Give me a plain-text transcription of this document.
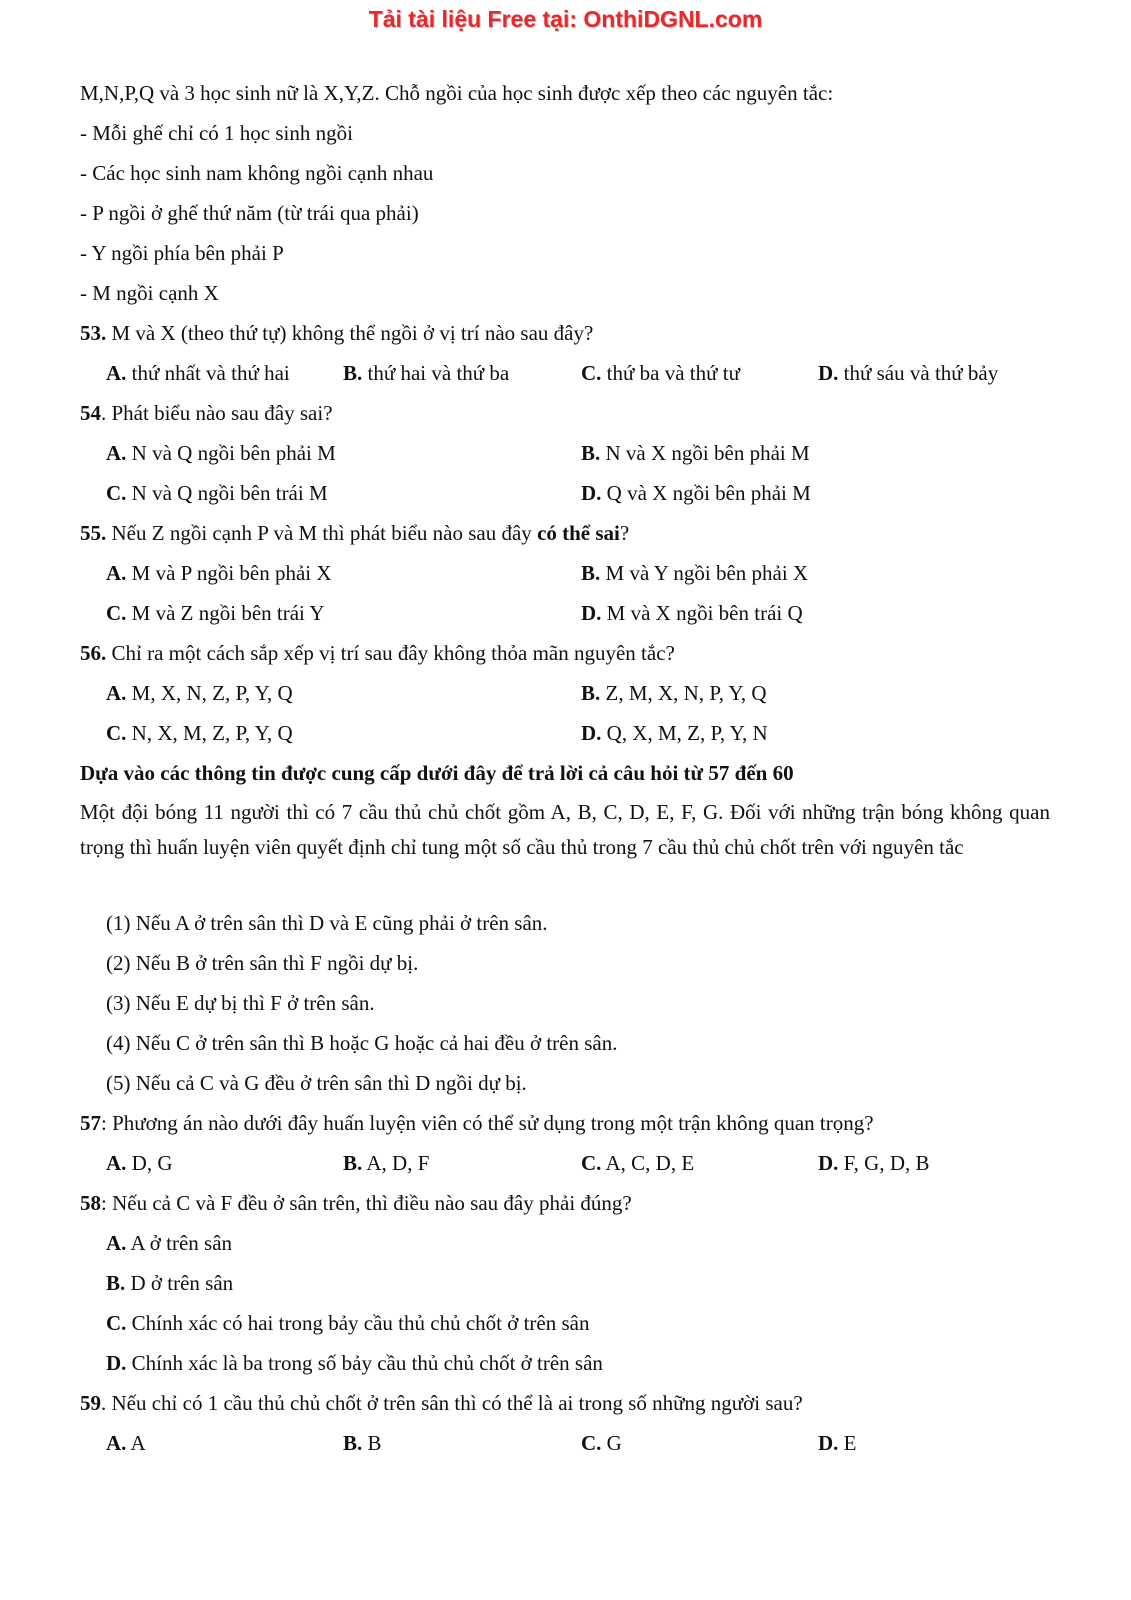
Tải tài liệu Free tại: OnthiDGNL.com
M,N,P,Q và 3 học sinh nữ là X,Y,Z. Chỗ ngồi của học sinh được xếp theo các nguyên tắc:
- Mỗi ghế chỉ có 1 học sinh ngồi
- Các học sinh nam không ngồi cạnh nhau
- P ngồi ở ghế thứ năm (từ trái qua phải)
- Y ngồi phía bên phải P
- M ngồi cạnh X
53. M và X (theo thứ tự) không thể ngồi ở vị trí nào sau đây?
A. thứ nhất và thứ hai	B. thứ hai và thứ ba	C. thứ ba và thứ tư	D. thứ sáu và thứ bảy
54. Phát biểu nào sau đây sai?
A. N và Q ngồi bên phải M	B. N và X ngồi bên phải M
C. N và Q ngồi bên trái M	D. Q và X ngồi bên phải M
55. Nếu Z ngồi cạnh P và M thì phát biểu nào sau đây có thể sai?
A. M và P ngồi bên phải X	B. M và Y ngồi bên phải X
C. M và Z ngồi bên trái Y	D. M và X ngồi bên trái Q
56. Chỉ ra một cách sắp xếp vị trí sau đây không thỏa mãn nguyên tắc?
A. M, X, N, Z, P, Y, Q	B. Z, M, X, N, P, Y, Q
C. N, X, M, Z, P, Y, Q	D. Q, X, M, Z, P, Y, N
Dựa vào các thông tin được cung cấp dưới đây để trả lời cả câu hỏi từ 57 đến 60
Một đội bóng 11 người thì có 7 cầu thủ chủ chốt gồm A, B, C, D, E, F, G. Đối với những trận bóng không quan trọng thì huấn luyện viên quyết định chỉ tung một số cầu thủ trong 7 cầu thủ chủ chốt trên với nguyên tắc
(1) Nếu A ở trên sân thì D và E cũng phải ở trên sân.
(2) Nếu B ở trên sân thì F ngồi dự bị.
(3) Nếu E dự bị thì F ở trên sân.
(4) Nếu C ở trên sân thì B hoặc G hoặc cả hai đều ở trên sân.
(5) Nếu cả C và G đều ở trên sân thì D ngồi dự bị.
57: Phương án nào dưới đây huấn luyện viên có thể sử dụng trong một trận không quan trọng?
A. D, G	B. A, D, F	C. A, C, D, E	D. F, G, D, B
58: Nếu cả C và F đều ở sân trên, thì điều nào sau đây phải đúng?
A. A ở trên sân
B. D ở trên sân
C. Chính xác có hai trong bảy cầu thủ chủ chốt ở trên sân
D. Chính xác là ba trong số bảy cầu thủ chủ chốt ở trên sân
59. Nếu chỉ có 1 cầu thủ chủ chốt ở trên sân thì có thể là ai trong số những người sau?
A. A	B. B	C. G	D. E
